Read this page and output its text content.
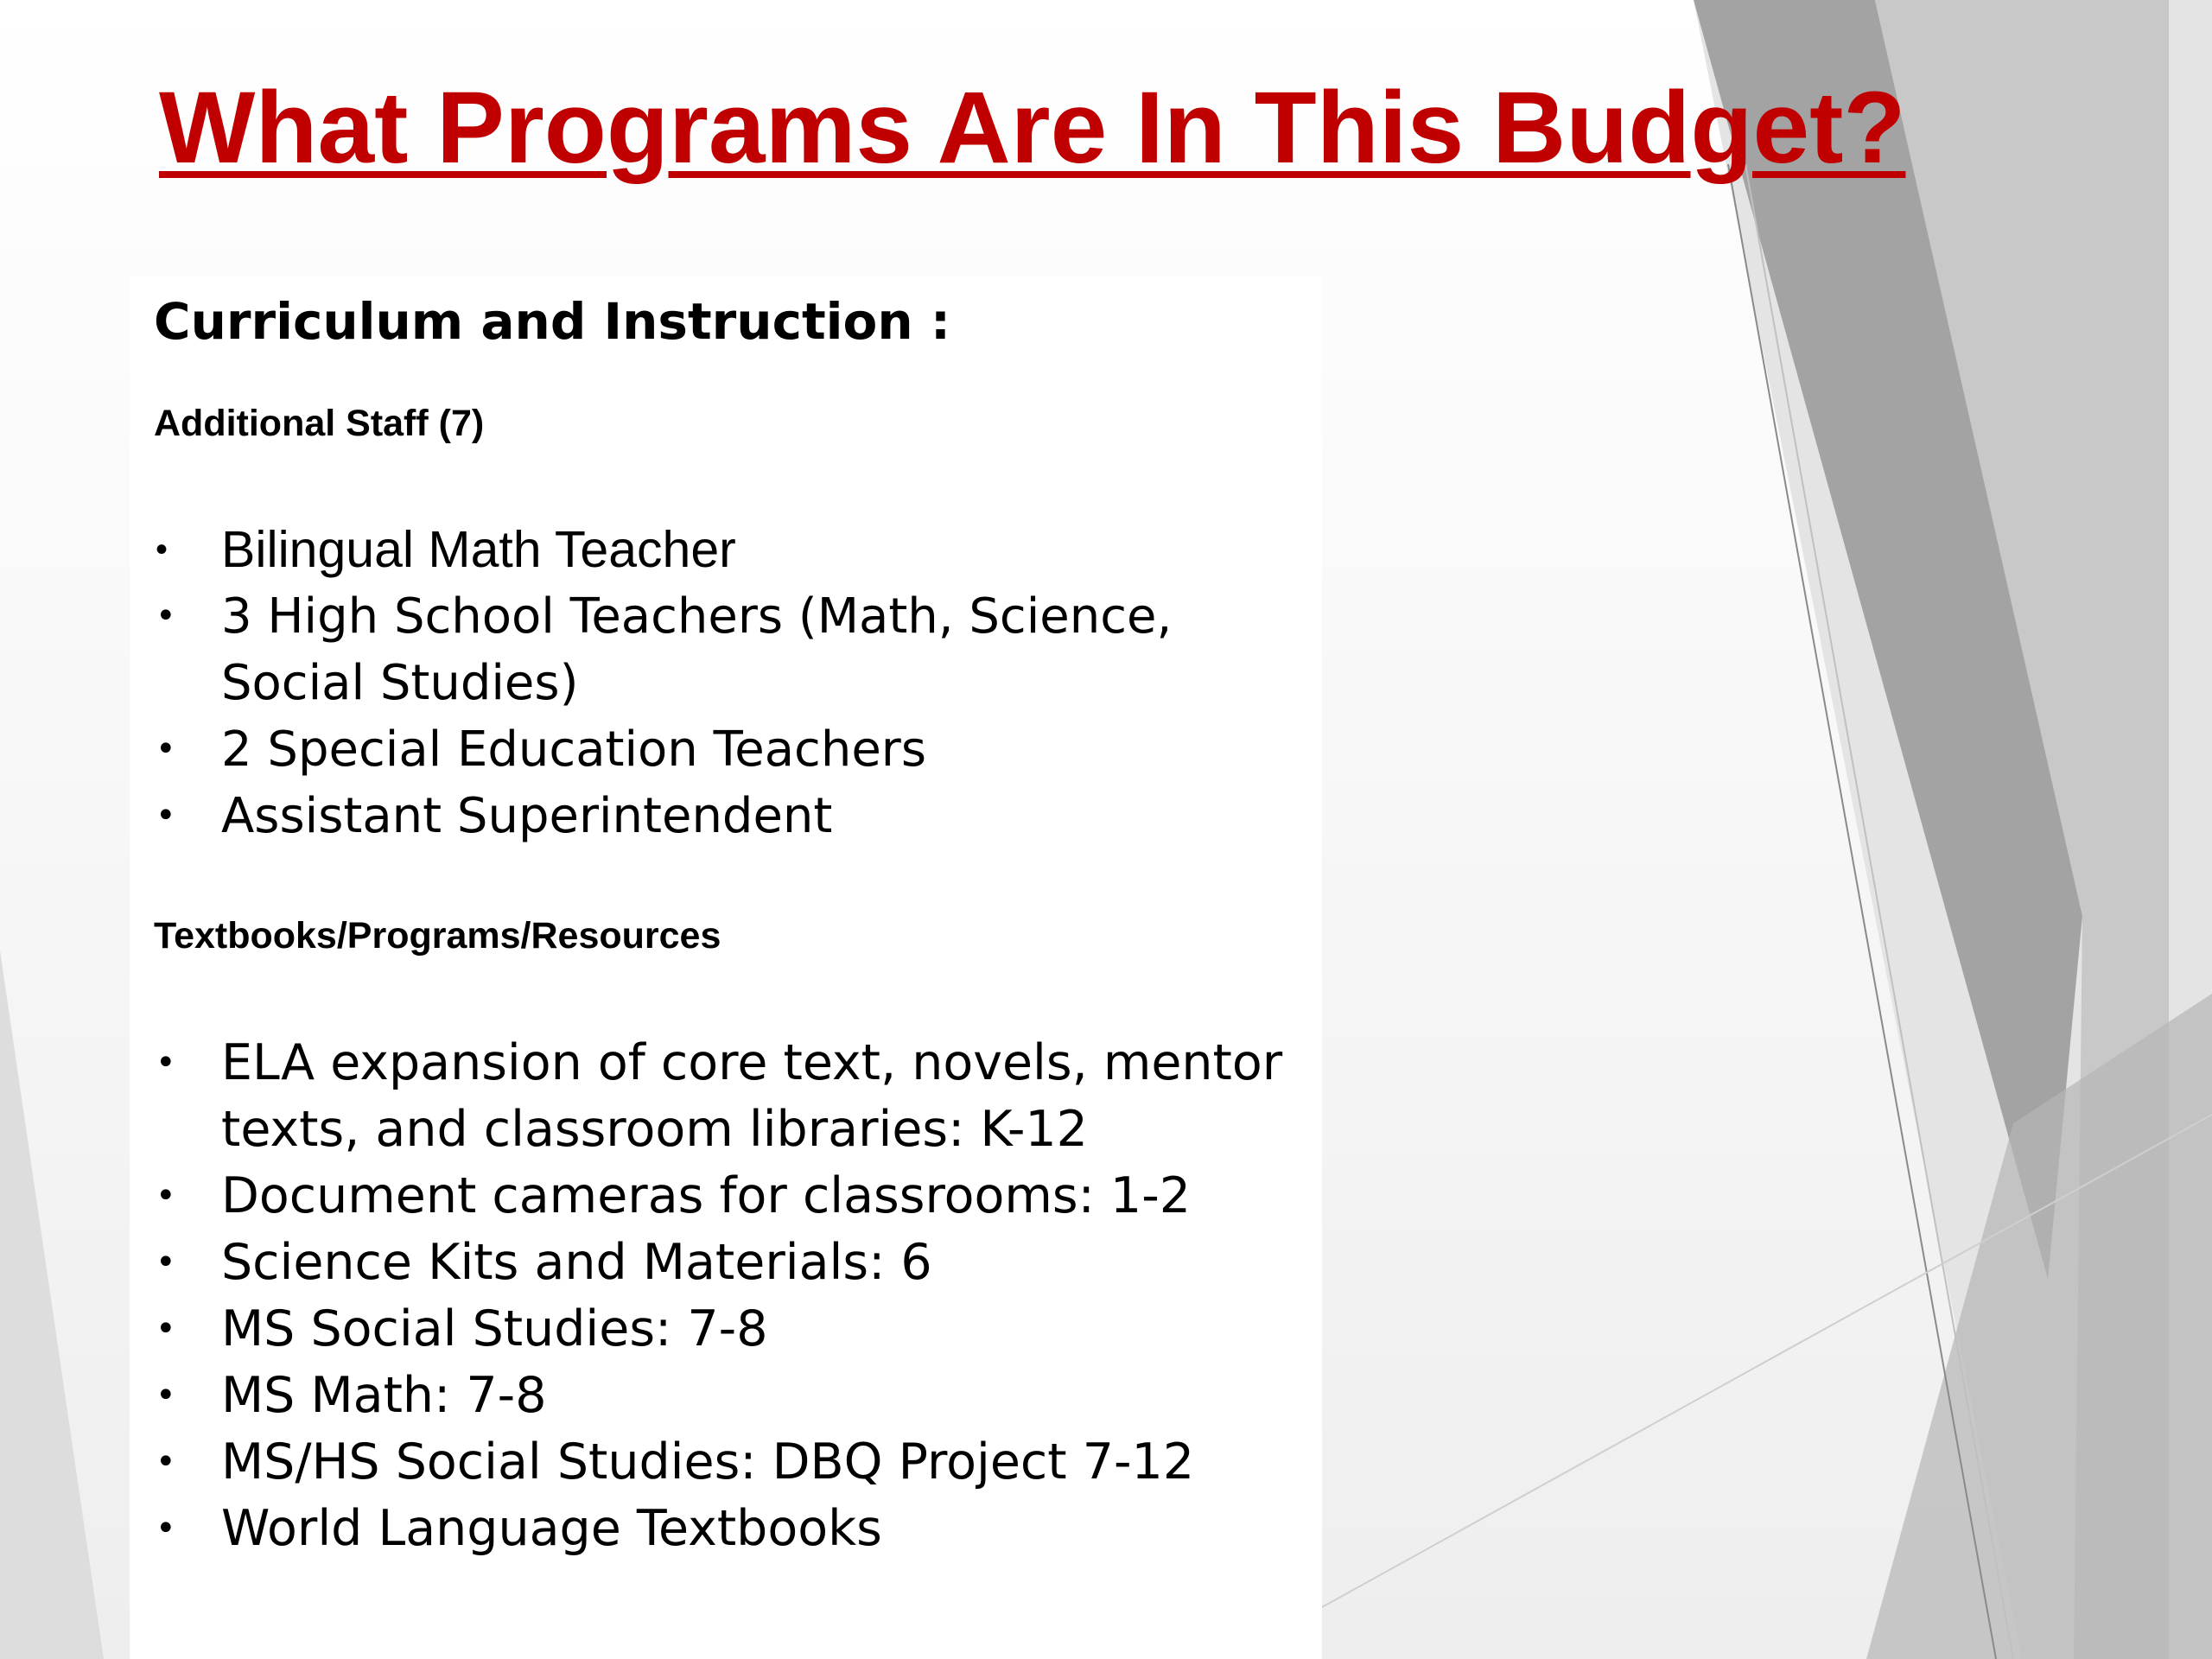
What Programs Are In This Budget?
Curriculum and Instruction :
Additional Staff (7)
• Bilingual Math Teacher
• 3 High School Teachers (Math, Science, Social Studies)
• 2 Special Education Teachers
• Assistant Superintendent
Textbooks/Programs/Resources
• ELA expansion of core text, novels, mentor texts, and classroom libraries: K-12
• Document cameras for classrooms: 1-2
• Science Kits and Materials: 6
• MS Social Studies: 7-8
• MS Math: 7-8
• MS/HS Social Studies: DBQ Project 7-12
• World Language Textbooks
